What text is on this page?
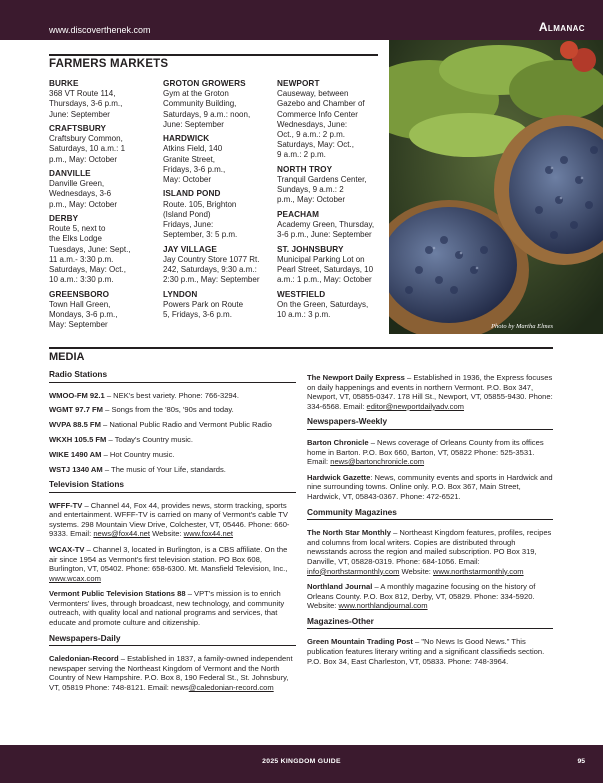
www.discoverthenek.com	Almanac
FARMERS MARKETS
BURKE
368 VT Route 114,
Thursdays, 3-6 p.m.,
June: September
CRAFTSBURY
Craftsbury Common,
Saturdays, 10 a.m.: 1
p.m., May: October
DANVILLE
Danville Green,
Wednesdays, 3-6
p.m., May: October
DERBY
Route 5, next to
the Elks Lodge
Tuesdays, June: Sept.,
11 a.m.- 3:30 p.m.
Saturdays, May: Oct.,
10 a.m.: 3:30 p.m.
GREENSBORO
Town Hall Green,
Mondays, 3-6 p.m.,
May: September
GROTON GROWERS
Gym at the Groton
Community Building,
Saturdays, 9 a.m.: noon,
June: September
HARDWICK
Atkins Field, 140
Granite Street,
Fridays, 3-6 p.m.,
May: October
ISLAND POND
Route. 105, Brighton
(Island Pond)
Fridays, June:
September, 3: 5 p.m.
JAY VILLAGE
Jay Country Store 1077 Rt.
242, Saturdays, 9:30 a.m.:
2:30 p.m., May: September
LYNDON
Powers Park on Route
5, Fridays, 3-6 p.m.
NEWPORT
Causeway, between
Gazebo and Chamber of
Commerce Info Center
Wednesdays, June:
Oct., 9 a.m.: 2 p.m.
Saturdays, May: Oct.,
9 a.m.: 2 p.m.
NORTH TROY
Tranquil Gardens Center,
Sundays, 9 a.m.: 2
p.m., May: October
PEACHAM
Academy Green, Thursday,
3-6 p.m., June: September
ST. JOHNSBURY
Municipal Parking Lot on
Pearl Street, Saturdays, 10
a.m.: 1 p.m., May: October
WESTFIELD
On the Green, Saturdays,
10 a.m.: 3 p.m.
Photo by Martha Elmes
MEDIA
Radio Stations
WMOO-FM 92.1 – NEK's best variety. Phone: 766-3294.
WGMT 97.7 FM – Songs from the '80s, '90s and today.
WVPA 88.5 FM – National Public Radio and Vermont Public Radio
WKXH 105.5 FM – Today's Country music.
WIKE 1490 AM – Hot Country music.
WSTJ 1340 AM – The music of Your Life, standards.
Television Stations
WFFF-TV – Channel 44, Fox 44, provides news, storm tracking, sports and entertainment. WFFF-TV is carried on many of Vermont's cable TV systems. 298 Mountain View Drive, Colchester, VT, 05446. Phone: 660-9333. Email: news@fox44.net Website: www.fox44.net
WCAX-TV – Channel 3, located in Burlington, is a CBS affiliate. On the air since 1954 as Vermont's first television station. PO Box 608, Burlington, VT, 05402. Phone: 658-6300. Mt. Mansfield Television, Inc., www.wcax.com
Vermont Public Television Stations 88 – VPT's mission is to enrich Vermonters' lives, through broadcast, new technology, and community outreach, with quality local and national programs and services, that educate and promote culture and citizenship.
Newspapers-Daily
Caledonian-Record – Established in 1837, a family-owned independent newspaper serving the Northeast Kingdom of Vermont and the North Country of New Hampshire. P.O. Box 8, 190 Federal St., St. Johnsbury, VT, 05819 Phone: 748-8121. Email: news@caledonian-record.com
The Newport Daily Express – Established in 1936, the Express focuses on daily happenings and events in northern Vermont. P.O. Box 347, Newport, VT, 05855-0347. 178 Hill St., Newport, VT, 05855-9430. Phone: 334-6568. Email: editor@newportdailyadv.com
Newspapers-Weekly
Barton Chronicle – News coverage of Orleans County from its offices home in Barton. P.O. Box 660, Barton, VT, 05822 Phone: 525-3531. Email: news@bartonchronicle.com
Hardwick Gazette: News, community events and sports in Hardwick and nine surrounding towns. Online only. P.O. Box 367, Main Street, Hardwick, VT, 05843-0367. Phone: 472-6521.
Community Magazines
The North Star Monthly – Northeast Kingdom features, profiles, recipes and columns from local writers. Copies are distributed through newsstands across the region and mailed subscription. PO Box 319, Danville, VT, 05828-0319. Phone: 684-1056. Email: info@northstarmonthly.com Website: www.northstarmonthly.com
Northland Journal – A monthly magazine focusing on the history of Orleans County. P.O. Box 812, Derby, VT, 05829. Phone: 334-5920. Website: www.northlandjournal.com
Magazines-Other
Green Mountain Trading Post – "No News Is Good News." This publication features literary writing and a significant classifieds section. P.O. Box 34, East Charleston, VT, 05833. Phone: 748-3964.
2025 KINGDOM GUIDE	95
